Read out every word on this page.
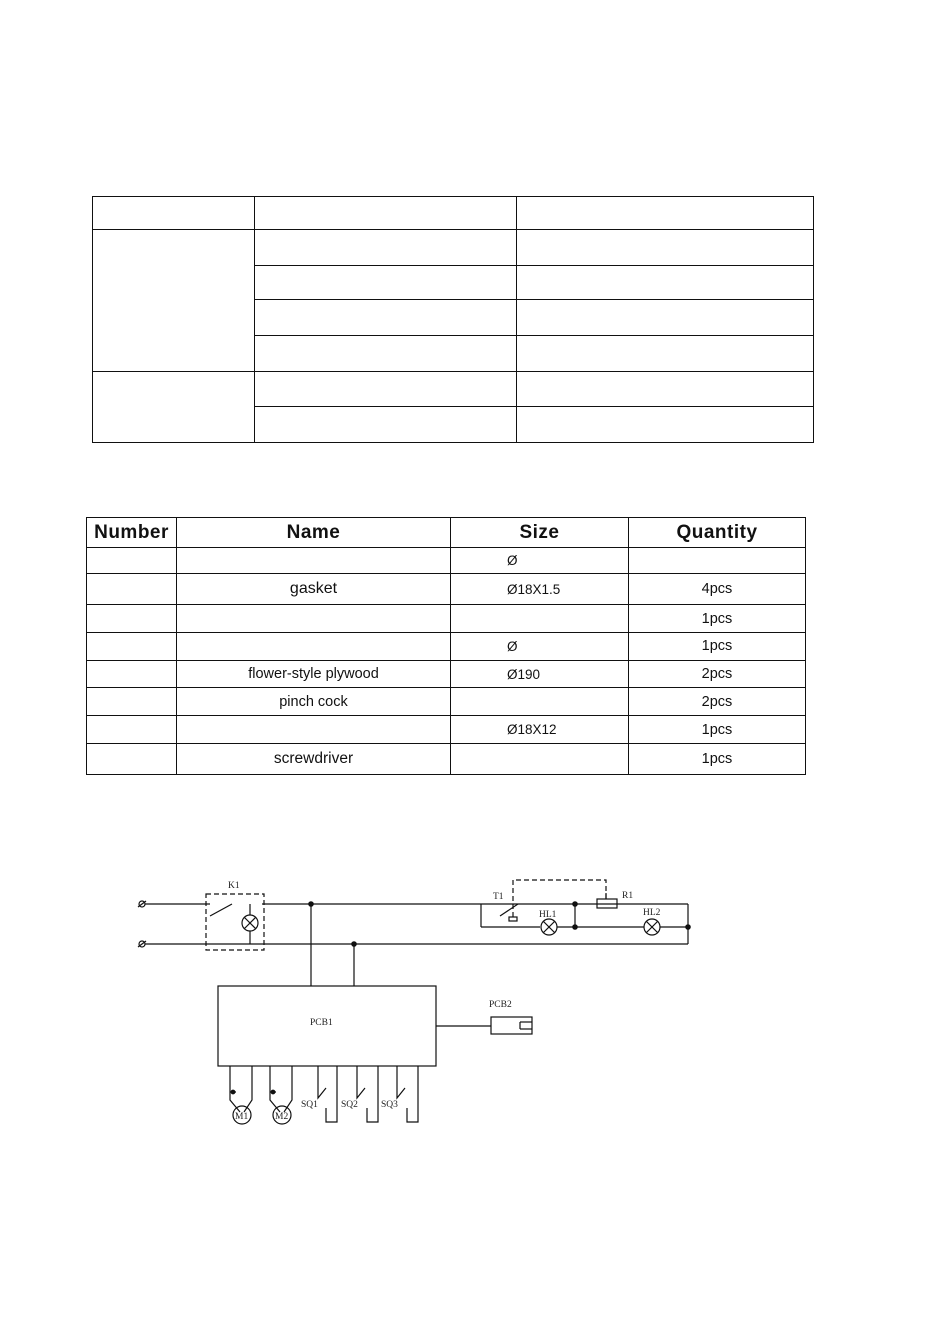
Number	Name	Size	Quantity
		Ø	
	gasket	Ø18X1.5	4pcs
			1pcs
		Ø	1pcs
	flower-style plywood	Ø190	2pcs
	pinch cock		2pcs
		Ø18X12	1pcs
	screwdriver		1pcs
K1
T1	R1
HL1	HL2
PCB1
PCB2
M1	M2
SQ1 SQ2 SQ3
